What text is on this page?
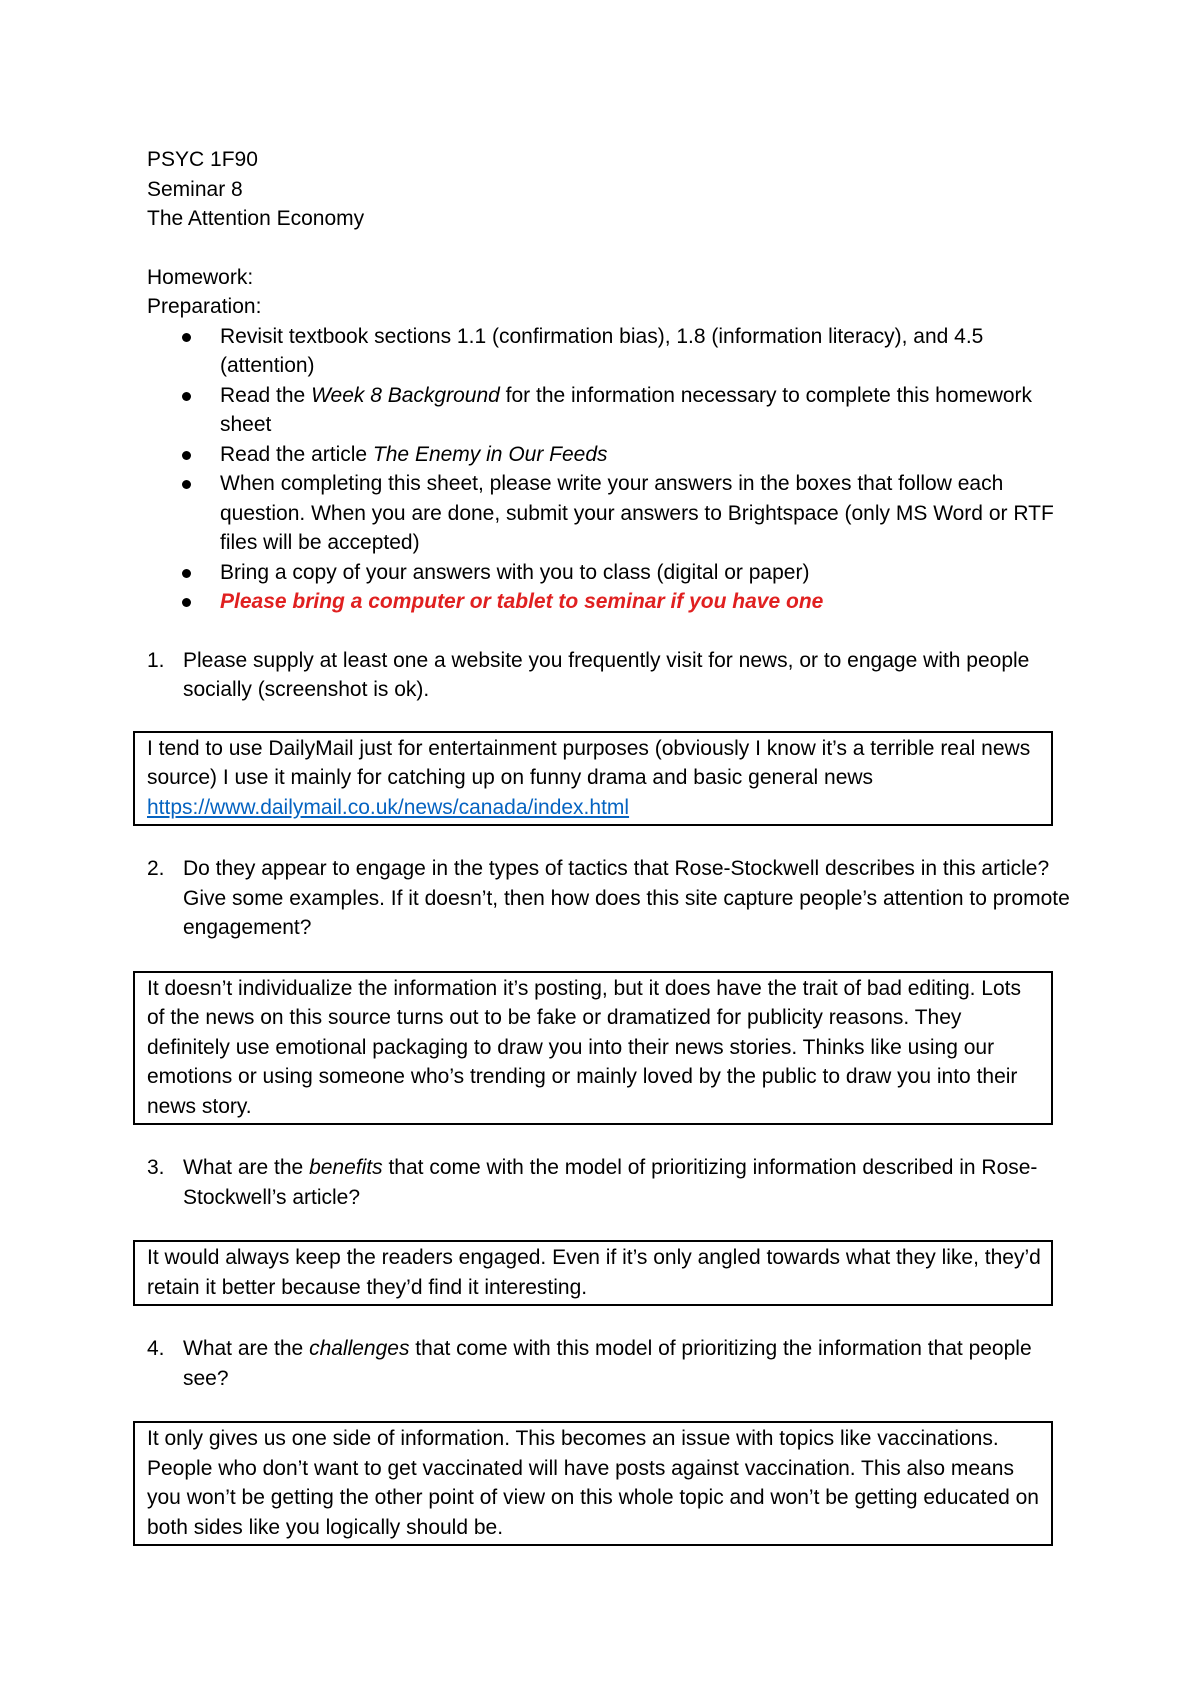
PSYC 1F90
Seminar 8
The Attention Economy
Homework:
Preparation:
Revisit textbook sections 1.1 (confirmation bias), 1.8 (information literacy), and 4.5 (attention)
Read the Week 8 Background for the information necessary to complete this homework sheet
Read the article The Enemy in Our Feeds
When completing this sheet, please write your answers in the boxes that follow each question. When you are done, submit your answers to Brightspace (only MS Word or RTF files will be accepted)
Bring a copy of your answers with you to class (digital or paper)
Please bring a computer or tablet to seminar if you have one
1. Please supply at least one a website you frequently visit for news, or to engage with people socially (screenshot is ok).
I tend to use DailyMail just for entertainment purposes (obviously I know it’s a terrible real news source) I use it mainly for catching up on funny drama and basic general news
https://www.dailymail.co.uk/news/canada/index.html
2. Do they appear to engage in the types of tactics that Rose-Stockwell describes in this article? Give some examples. If it doesn’t, then how does this site capture people’s attention to promote engagement?
It doesn’t individualize the information it’s posting, but it does have the trait of bad editing. Lots of the news on this source turns out to be fake or dramatized for publicity reasons. They definitely use emotional packaging to draw you into their news stories. Thinks like using our emotions or using someone who’s trending or mainly loved by the public to draw you into their news story.
3. What are the benefits that come with the model of prioritizing information described in Rose-Stockwell’s article?
It would always keep the readers engaged. Even if it’s only angled towards what they like, they’d retain it better because they’d find it interesting.
4. What are the challenges that come with this model of prioritizing the information that people see?
It only gives us one side of information. This becomes an issue with topics like vaccinations. People who don’t want to get vaccinated will have posts against vaccination. This also means you won’t be getting the other point of view on this whole topic and won’t be getting educated on both sides like you logically should be.
